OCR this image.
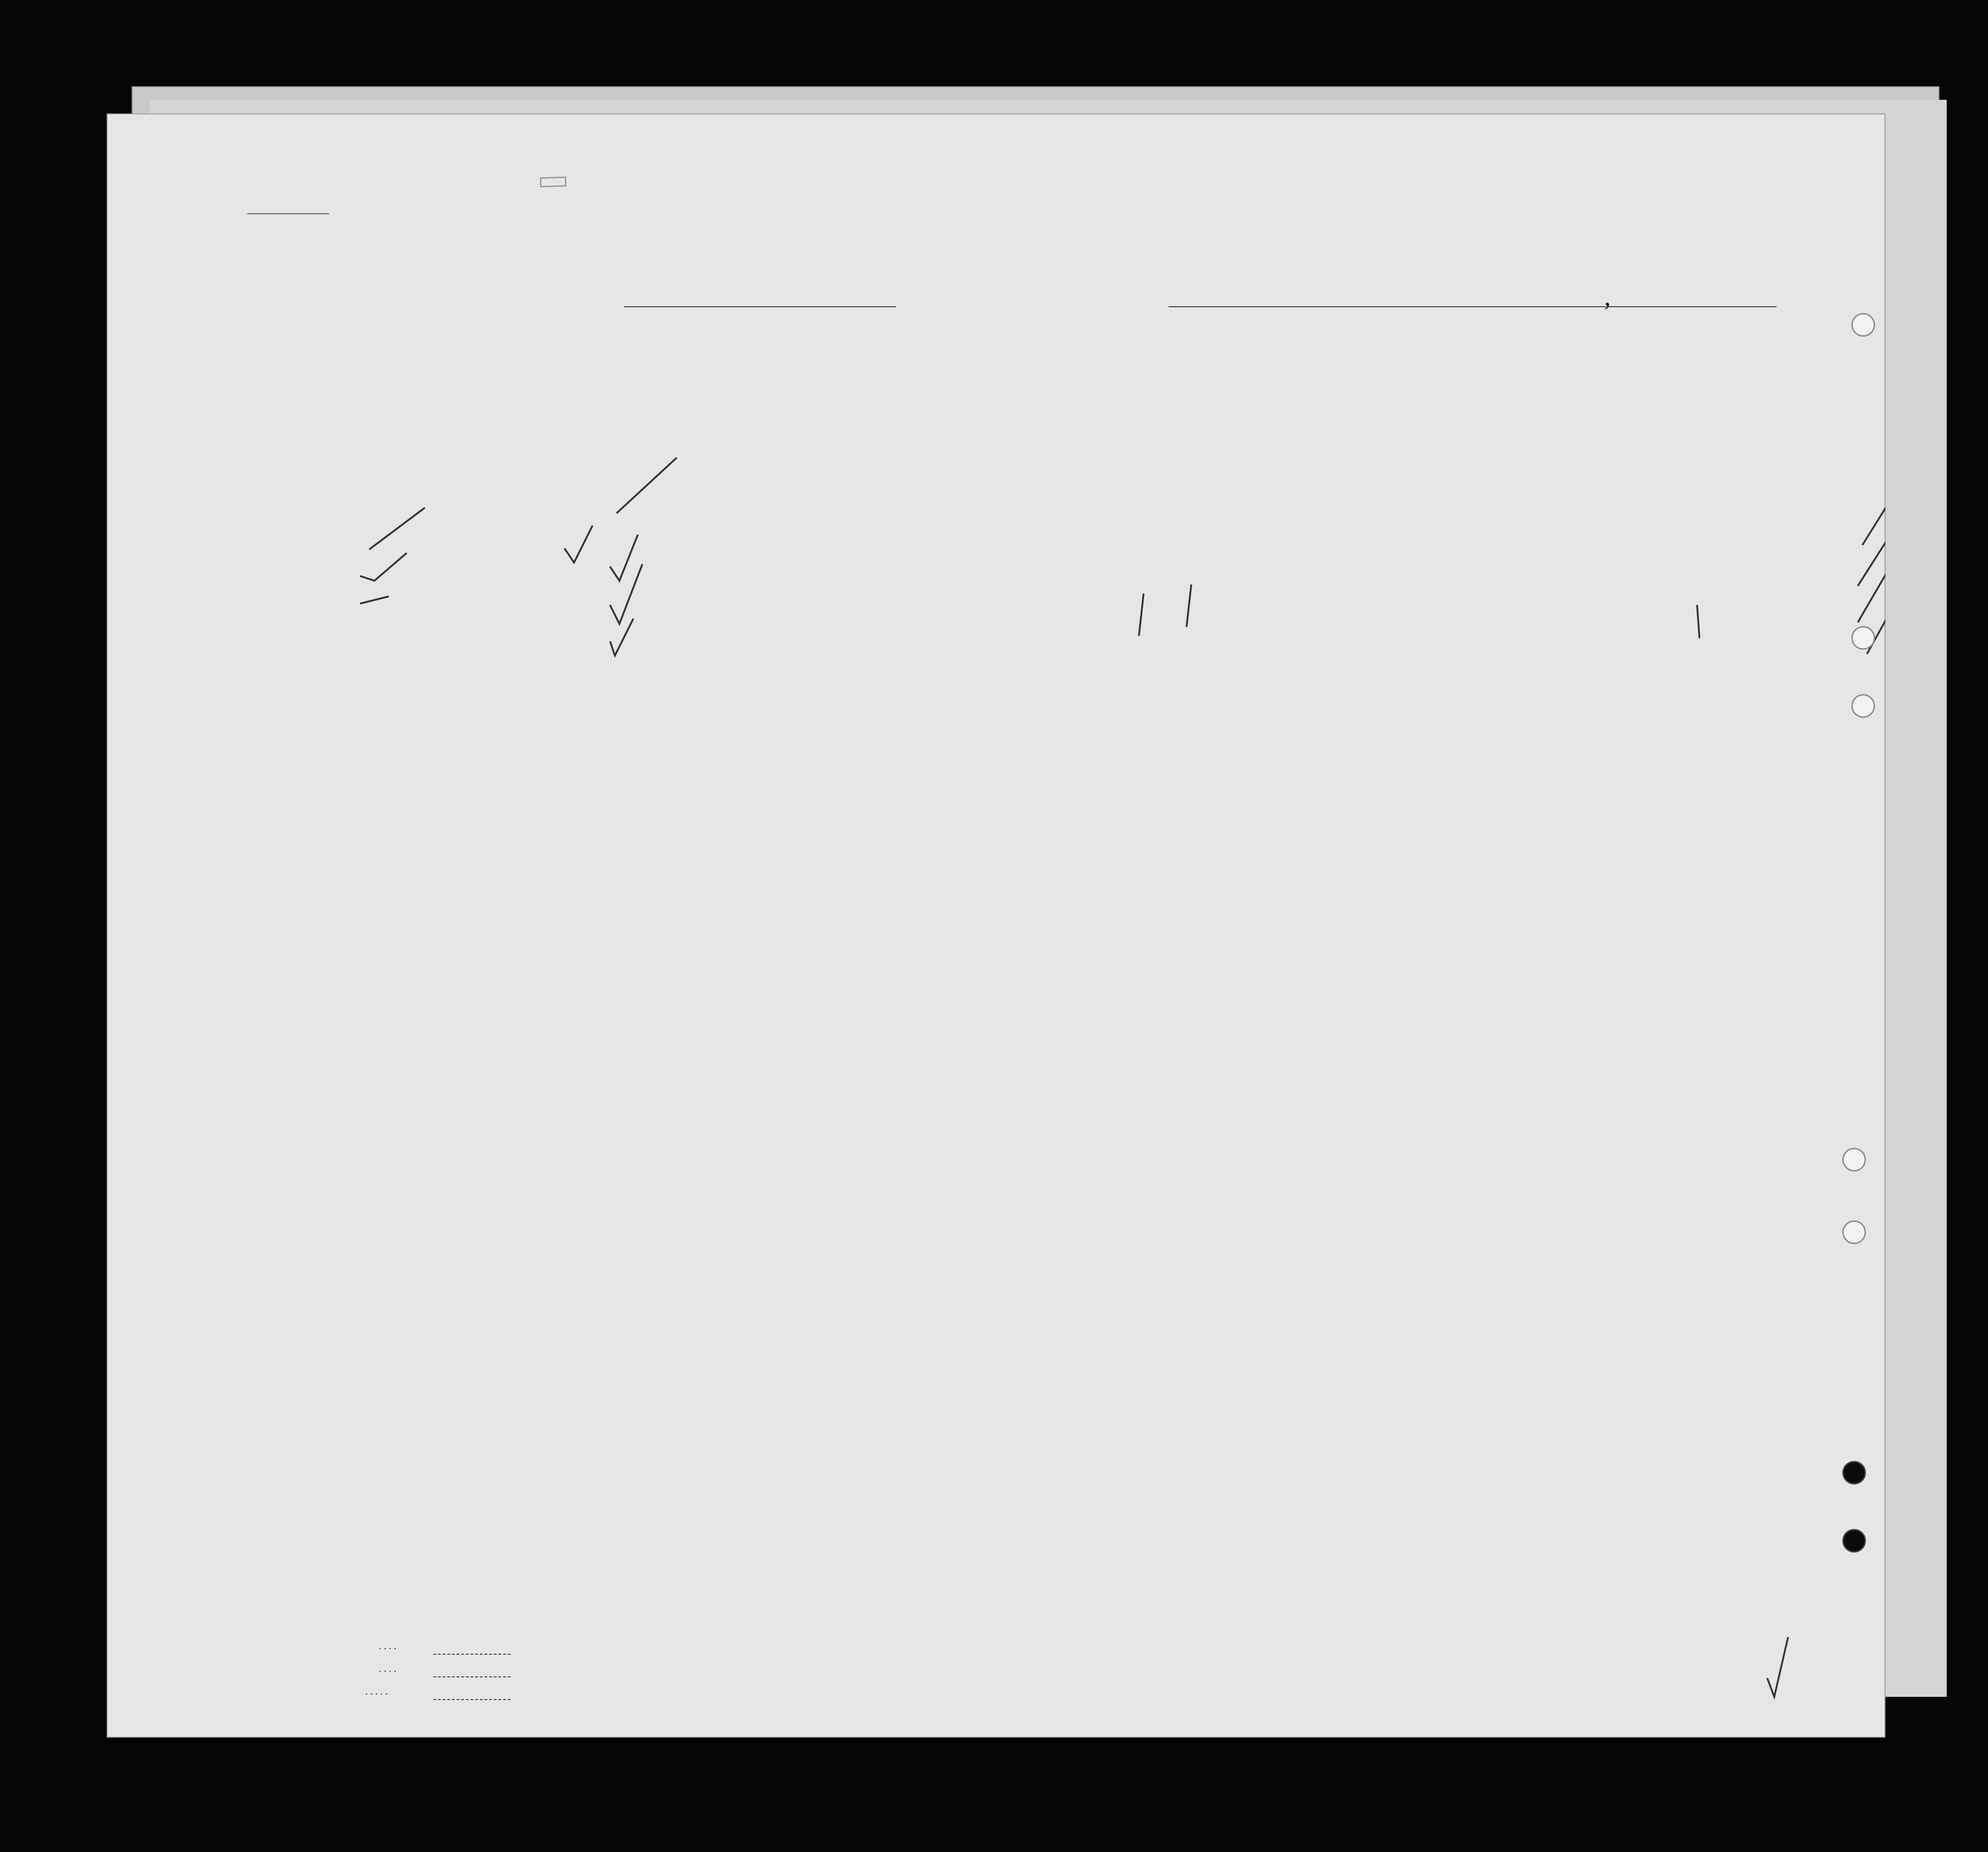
,
. . . .
. . . .
. . . . .
